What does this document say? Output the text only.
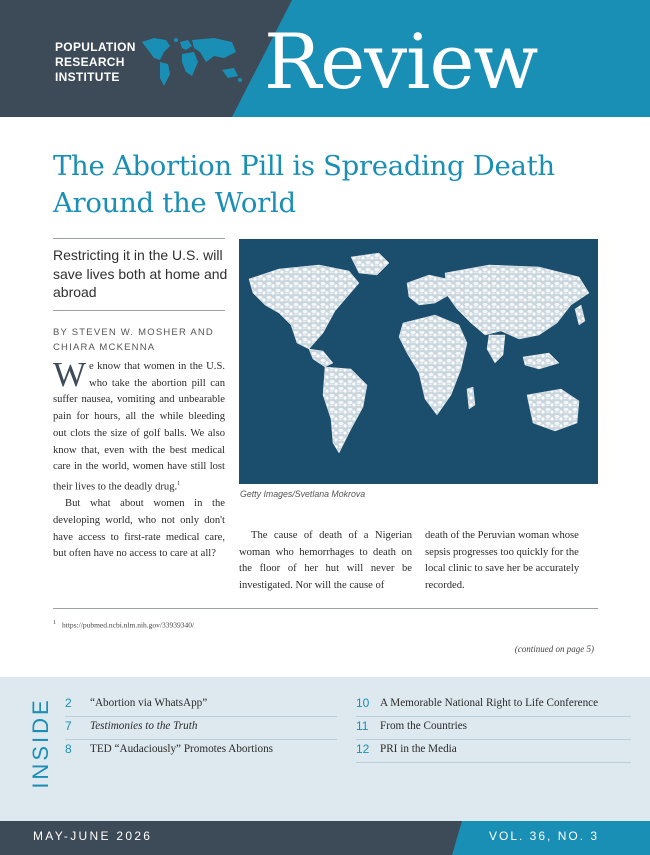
POPULATION
RESEARCH
INSTITUTE Review
The Abortion Pill is Spreading Death Around the World
Restricting it in the U.S. will save lives both at home and abroad
BY STEVEN W. MOSHER AND CHIARA MCKENNA

We know that women in the U.S. who take the abortion pill can suffer nausea, vomiting and unbearable pain for hours, all the while bleeding out clots the size of golf balls. We also know that, even with the best medical care in the world, women have still lost their lives to the deadly drug.$^1$

But what about women in the developing world, who not only don't have access to first-rate medical care, but often have no access to care at all?

Getty Images/Svetlana Mokrova

The cause of death of a Nigerian woman who hemorrhages to death on the floor of her hut will never be investigated. Nor will the cause of

death of the Peruvian woman whose sepsis progresses too quickly for the local clinic to save her be accurately recorded.

$^1$ https://pubmed.ncbi.nlm.nih.gov/33939340/
(continued on page 5)
INSIDE 2	“Abortion via WhatsApp”
7	Testimonies to the Truth
8	TED “Audaciously” Promotes Abortions
10 A Memorable National Right to Life Conference
11	From the Countries
12 PRI in the Media
MAY-JUNE 2026	VOL. 36, NO. 3
